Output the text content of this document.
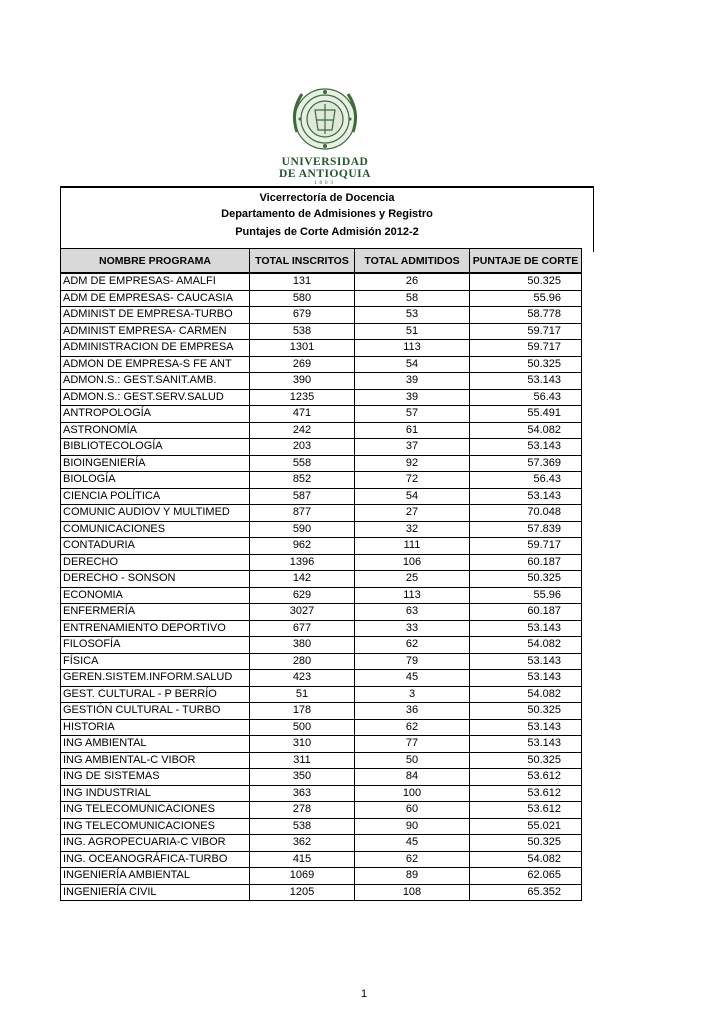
UNIVERSIDAD
DE ANTIOQUIA
1803
Vicerrectoría de Docencia
Departamento de Admisiones y Registro
Puntajes de Corte Admisión 2012-2
NOMBRE PROGRAMA	TOTAL INSCRITOS	TOTAL ADMITIDOS	PUNTAJE DE CORTE
ADM DE EMPRESAS- AMALFI	131	26	50.325
ADM DE EMPRESAS- CAUCASIA	580	58	55.96
ADMINIST DE EMPRESA-TURBO	679	53	58.778
ADMINIST EMPRESA- CARMEN	538	51	59.717
ADMINISTRACION DE EMPRESA	1301	113	59.717
ADMON DE EMPRESA-S FE ANT	269	54	50.325
ADMON.S.: GEST.SANIT.AMB.	390	39	53.143
ADMON.S.: GEST.SERV.SALUD	1235	39	56.43
ANTROPOLOGÍA	471	57	55.491
ASTRONOMÍA	242	61	54.082
BIBLIOTECOLOGÍA	203	37	53.143
BIOINGENIERÍA	558	92	57.369
BIOLOGÍA	852	72	56.43
CIENCIA POLÍTICA	587	54	53.143
COMUNIC AUDIOV Y MULTIMED	877	27	70.048
COMUNICACIONES	590	32	57.839
CONTADURIA	962	111	59.717
DERECHO	1396	106	60.187
DERECHO - SONSON	142	25	50.325
ECONOMIA	629	113	55.96
ENFERMERÍA	3027	63	60.187
ENTRENAMIENTO DEPORTIVO	677	33	53.143
FILOSOFÍA	380	62	54.082
FÍSICA	280	79	53.143
GEREN.SISTEM.INFORM.SALUD	423	45	53.143
GEST. CULTURAL - P BERRÍO	51	3	54.082
GESTIÓN CULTURAL - TURBO	178	36	50.325
HISTORIA	500	62	53.143
ING AMBIENTAL	310	77	53.143
ING AMBIENTAL-C VIBOR	311	50	50.325
ING DE SISTEMAS	350	84	53.612
ING INDUSTRIAL	363	100	53.612
ING TELECOMUNICACIONES	278	60	53.612
ING TELECOMUNICACIONES	538	90	55.021
ING. AGROPECUARIA-C VIBOR	362	45	50.325
ING. OCEANOGRÁFICA-TURBO	415	62	54.082
INGENIERÍA AMBIENTAL	1069	89	62.065
INGENIERÍA CIVIL	1205	108	65.352
1
